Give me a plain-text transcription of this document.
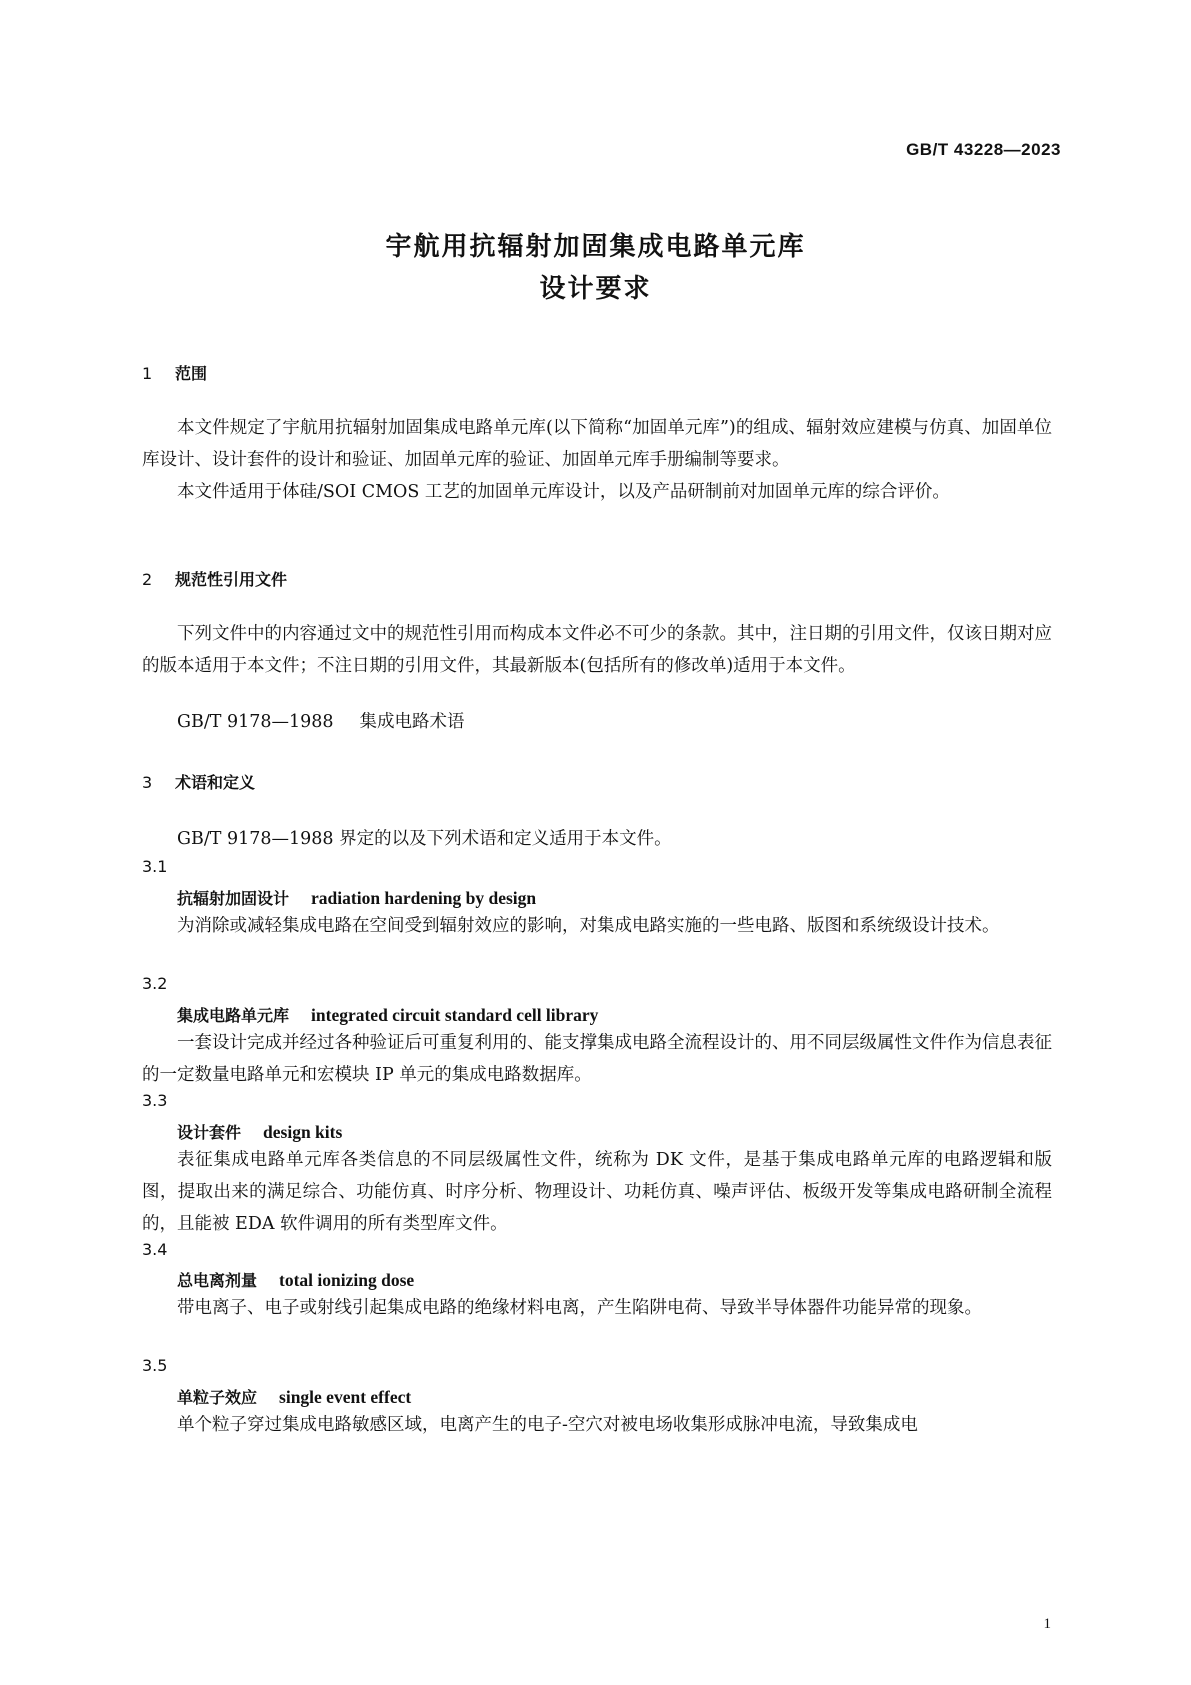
GB/T 43228—2023
宇航用抗辐射加固集成电路单元库
设计要求
1 范围
本文件规定了宇航用抗辐射加固集成电路单元库(以下简称“加固单元库”)的组成、辐射效应建模与仿真、加固单位库设计、设计套件的设计和验证、加固单元库的验证、加固单元库手册编制等要求。
本文件适用于体硅/SOI CMOS 工艺的加固单元库设计，以及产品研制前对加固单元库的综合评价。
2 规范性引用文件
下列文件中的内容通过文中的规范性引用而构成本文件必不可少的条款。其中，注日期的引用文件，仅该日期对应的版本适用于本文件；不注日期的引用文件，其最新版本(包括所有的修改单)适用于本文件。
GB/T 9178—1988 集成电路术语
3 术语和定义
GB/T 9178—1988 界定的以及下列术语和定义适用于本文件。
3.1
抗辐射加固设计 radiation hardening by design
为消除或减轻集成电路在空间受到辐射效应的影响，对集成电路实施的一些电路、版图和系统级设计技术。
3.2
集成电路单元库 integrated circuit standard cell library
一套设计完成并经过各种验证后可重复利用的、能支撑集成电路全流程设计的、用不同层级属性文件作为信息表征的一定数量电路单元和宏模块 IP 单元的集成电路数据库。
3.3
设计套件 design kits
表征集成电路单元库各类信息的不同层级属性文件，统称为 DK 文件，是基于集成电路单元库的电路逻辑和版图，提取出来的满足综合、功能仿真、时序分析、物理设计、功耗仿真、噪声评估、板级开发等集成电路研制全流程的，且能被 EDA 软件调用的所有类型库文件。
3.4
总电离剂量 total ionizing dose
带电离子、电子或射线引起集成电路的绝缘材料电离，产生陷阱电荷、导致半导体器件功能异常的现象。
3.5
单粒子效应 single event effect
单个粒子穿过集成电路敏感区域，电离产生的电子-空穴对被电场收集形成脉冲电流，导致集成电
1
